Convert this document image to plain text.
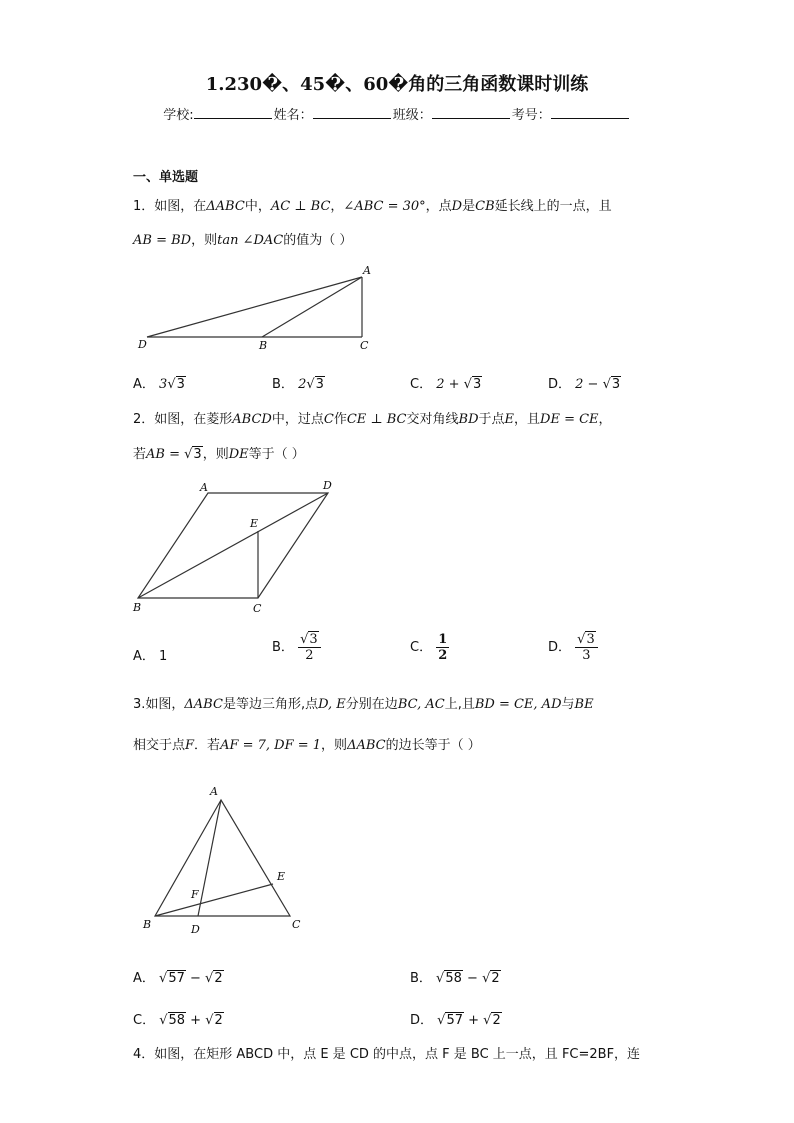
1.230�、45�、60�角的三角函数课时训练
学校:	姓名：	班级：	考号：
一、单选题
1．如图，在ΔABC中，AC ⊥ BC，∠ABC = 30°，点D是CB延长线上的一点，且
AB = BD，则tan ∠DAC的值为（ ）
A
D	B	C
A． 3√3	B． 2√3	C． 2 + √3	D． 2 − √3
2．如图，在菱形ABCD中，过点C作CE ⊥ BC交对角线BD于点E，且DE = CE，
若AB = √3，则DE等于（ ）
A	D
E
B	C
A． 1
B． $\frac{√3}{2}$	C． $\frac{1}{2}$	D． $\frac{√3}{3}$
3.如图，ΔABC是等边三角形,点D, E分别在边BC, AC上,且BD = CE, AD与BE
相交于点F．若AF = 7, DF = 1，则ΔABC的边长等于（ ）
A
F
E
B	D	C
A． √57 − √2	B． √58 − √2
C． √58 + √2	D． √57 + √2
4．如图，在矩形 ABCD 中，点 E 是 CD 的中点，点 F 是 BC 上一点，且 FC=2BF，连
